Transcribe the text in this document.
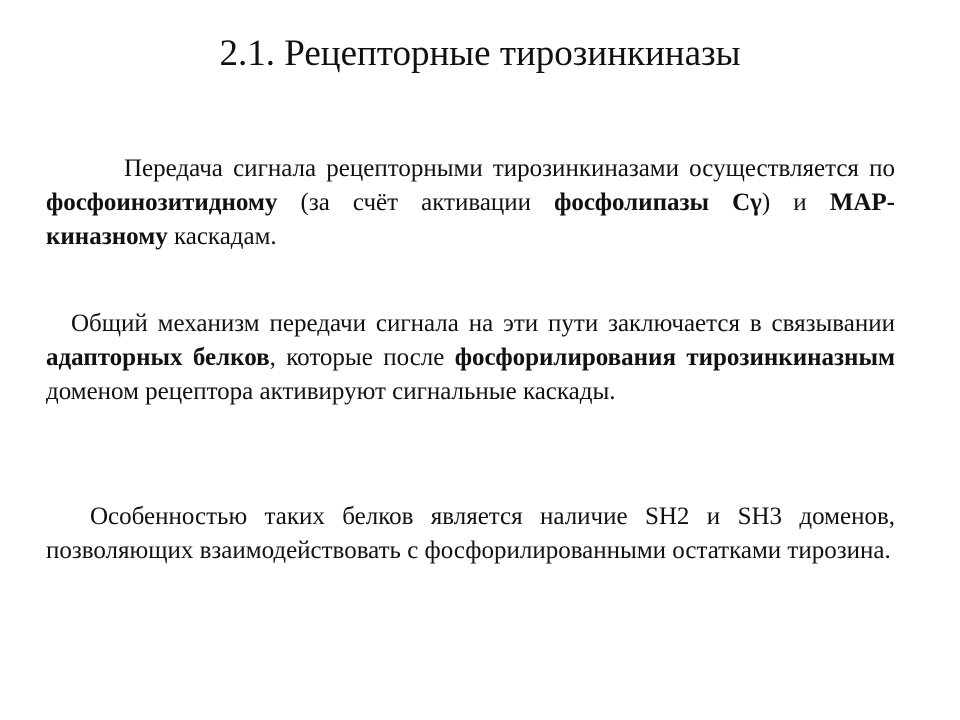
2.1. Рецепторные тирозинкиназы

Передача сигнала рецепторными тирозинкиназами осуществляется по фосфоинозитидному (за счёт активации фосфолипазы Cγ) и MAP-киназному каскадам.

Общий механизм передачи сигнала на эти пути заключается в связывании адапторных белков, которые после фосфорилирования тирозинкиназным доменом рецептора активируют сигнальные каскады.

Особенностью таких белков является наличие SH2 и SH3 доменов, позволяющих взаимодействовать с фосфорилированными остатками тирозина.
